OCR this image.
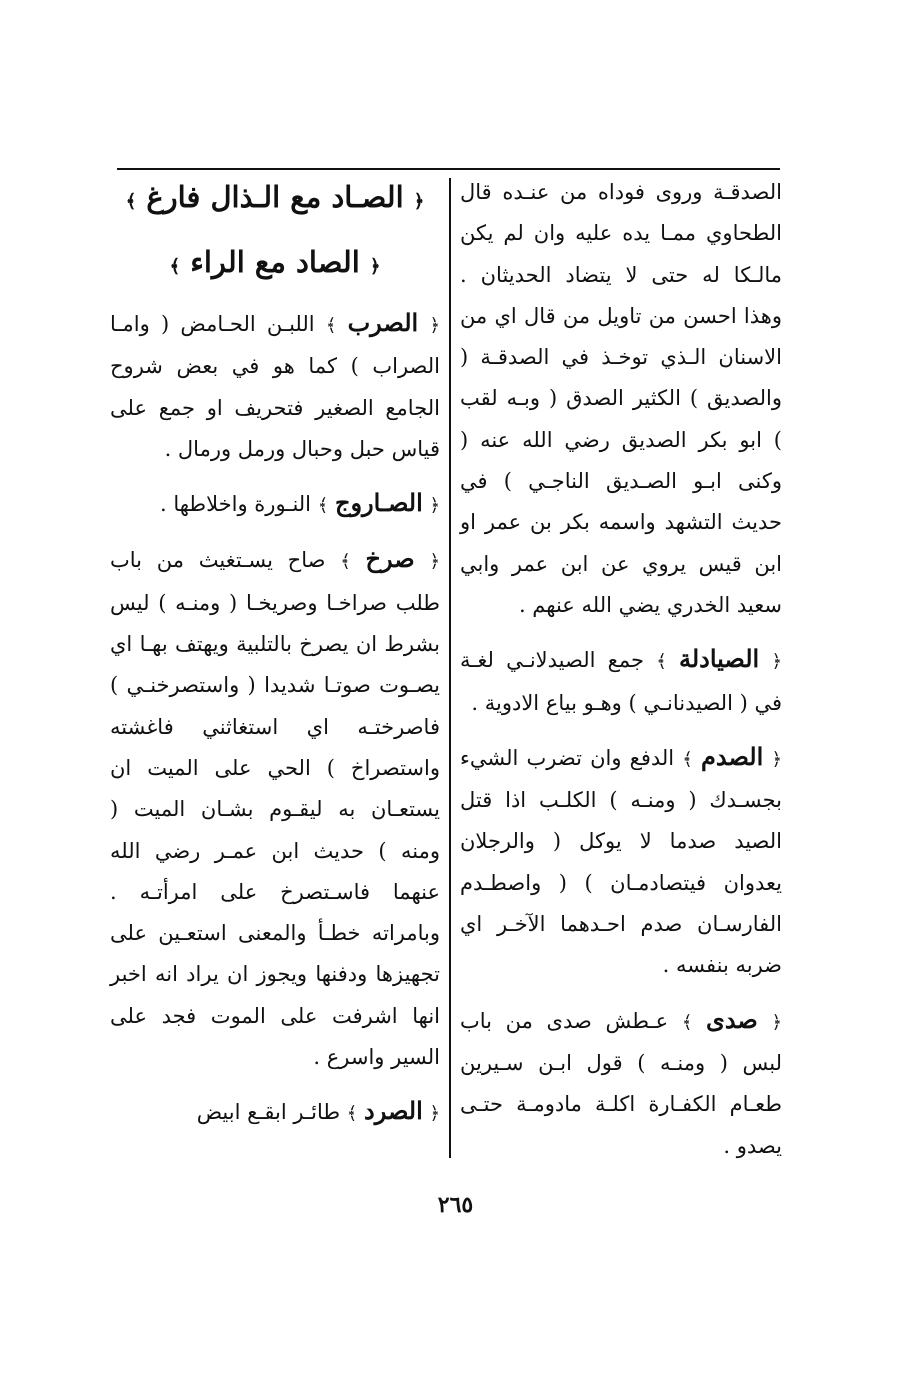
الصدقـة وروى فوداه من عنـده قال الطحاوي ممـا يده عليه وان لم يكن مالـكا له حتى لا يتضاد الحديثان . وهذا احسن من تاويل من قال اي من الاسنان الـذي توخـذ في الصدقـة ( والصديق ) الكثير الصدق ( وبـه لقب ) ابو بكر الصديق رضي الله عنه ( وكنى ابـو الصـديق الناجـي ) في حديث التشهد واسمه بكر بن عمر او ابن قيس يروي عن ابن عمر وابي سعيد الخدري يضي الله عنهم .

﴿ الصيادلة ﴾ جمع الصيدلانـي لغـة في ( الصيدنانـي ) وهـو بياع الادوية .

﴿ الصدم ﴾ الدفع وان تضرب الشيء بجسـدك ( ومنـه ) الكلـب اذا قتل الصيد صدما لا يوكل ( والرجلان يعدوان فيتصادمـان ) ( واصطـدم الفارسـان صدم احـدهما الآخـر اي ضربه بنفسه .

﴿ صدى ﴾ عـطش صدى من باب لبس ( ومنـه ) قول ابـن سـيرين طعـام الكفـارة اكلـة مادومـة حتـى يصدو .

﴿ الصـاد مع الـذال فارغ ﴾
﴿ الصاد مع الراء ﴾

﴿ الصرب ﴾ اللبـن الحـامض ( وامـا الصراب ) كما هو في بعض شروح الجامع الصغير فتحريف او جمع على قياس حبل وحبال ورمل ورمال .

﴿ الصـاروج ﴾ النـورة واخلاطها .

﴿ صرخ ﴾ صاح يسـتغيث من باب طلب صراخـا وصريخـا ( ومنـه ) ليس بشرط ان يصرخ بالتلبية ويهتف بهـا اي يصـوت صوتـا شديدا ( واستصرخنـي ) فاصرختـه اي استغاثني فاغشته واستصراخ ) الحي على الميت ان يستعـان به ليقـوم بشـان الميت ( ومنه ) حديث ابن عمـر رضي الله عنهما فاسـتصرخ على امرأتـه . وبامراته خطـأ والمعنى استعـين على تجهيزها ودفنها ويجوز ان يراد انه اخبر انها اشرفت على الموت فجد على السير واسرع .

﴿ الصرد ﴾ طائـر ابقـع ابيض

٢٦٥
